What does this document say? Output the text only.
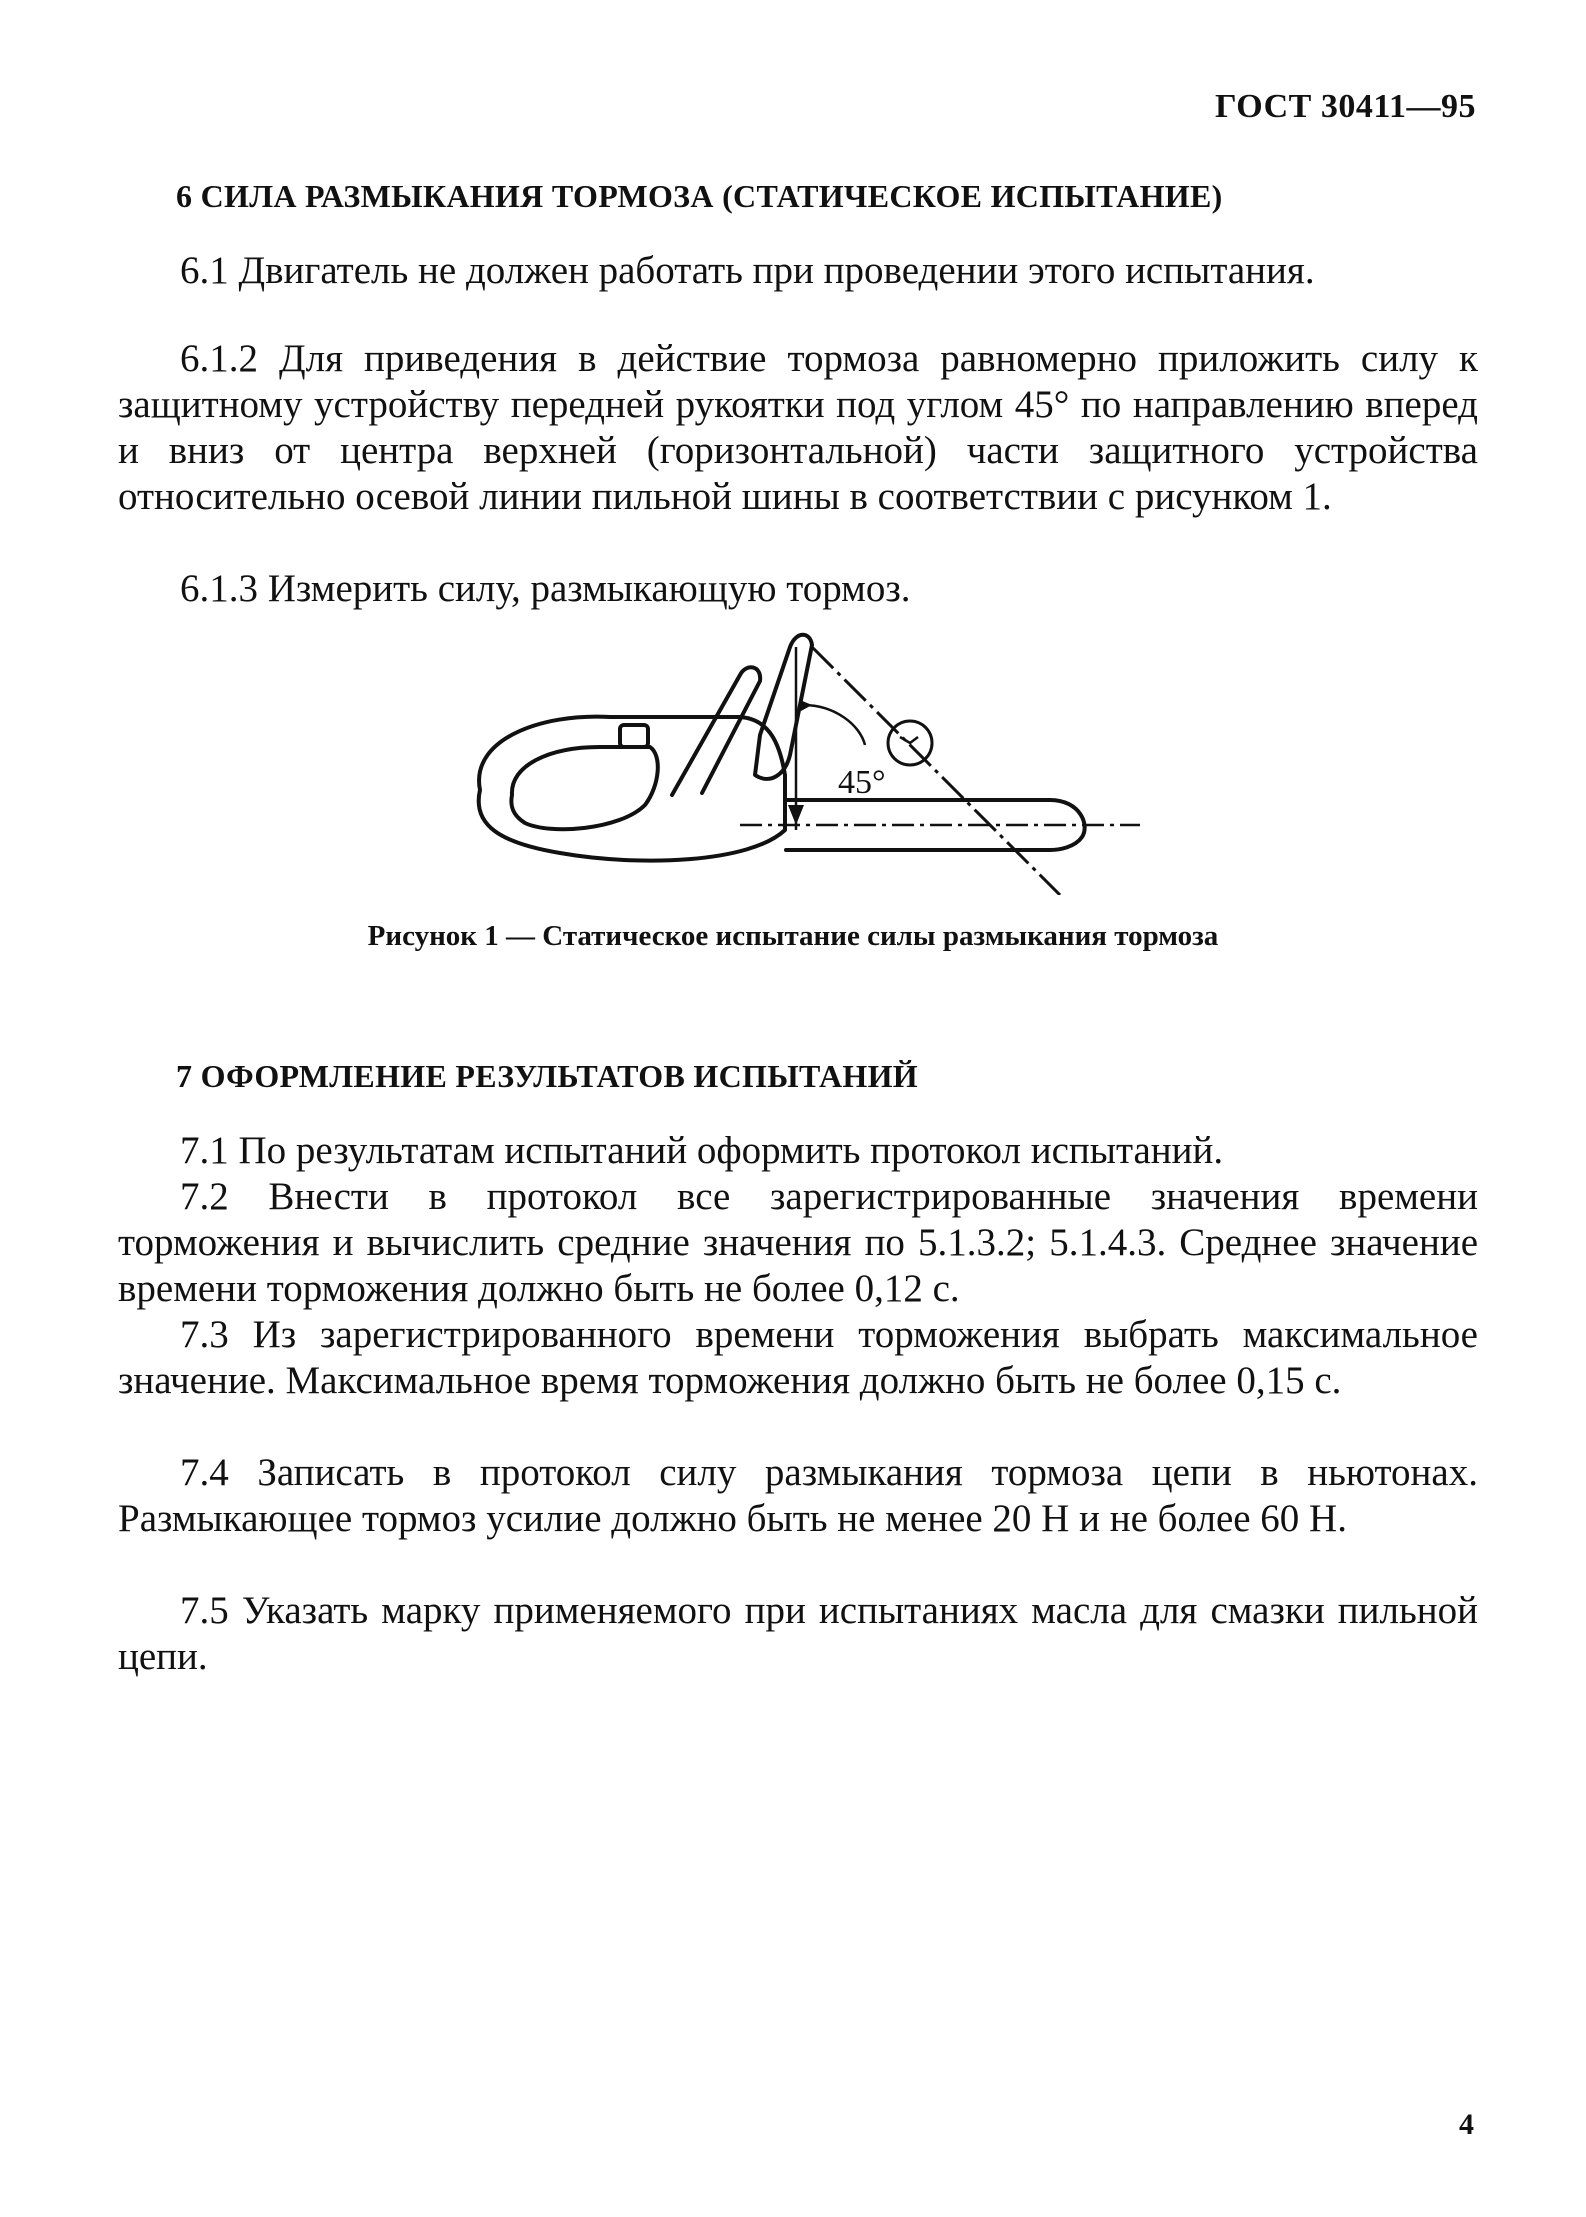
ГОСТ 30411—95
6 СИЛА РАЗМЫКАНИЯ ТОРМОЗА (СТАТИЧЕСКОЕ ИСПЫТАНИЕ)

6.1 Двигатель не должен работать при проведении этого испытания.

6.1.2 Для приведения в действие тормоза равномерно приложить силу к защитному устройству передней рукоятки под углом 45° по направлению вперед и вниз от центра верхней (горизонтальной) части защитного устройства относительно осевой линии пильной шины в соответствии с рисунком 1.

6.1.3 Измерить силу, размыкающую тормоз.

45°
Рисунок 1 — Статическое испытание силы размыкания тормоза
7 ОФОРМЛЕНИЕ РЕЗУЛЬТАТОВ ИСПЫТАНИЙ

7.1 По результатам испытаний оформить протокол испытаний.

7.2 Внести в протокол все зарегистрированные значения времени торможения и вычислить средние значения по 5.1.3.2; 5.1.4.3. Среднее значение времени торможения должно быть не более 0,12 с.

7.3 Из зарегистрированного времени торможения выбрать максимальное значение. Максимальное время торможения должно быть не более 0,15 с.

7.4 Записать в протокол силу размыкания тормоза цепи в ньютонах. Размыкающее тормоз усилие должно быть не менее 20 Н и не более 60 Н.

7.5 Указать марку применяемого при испытаниях масла для смазки пильной цепи.

4
